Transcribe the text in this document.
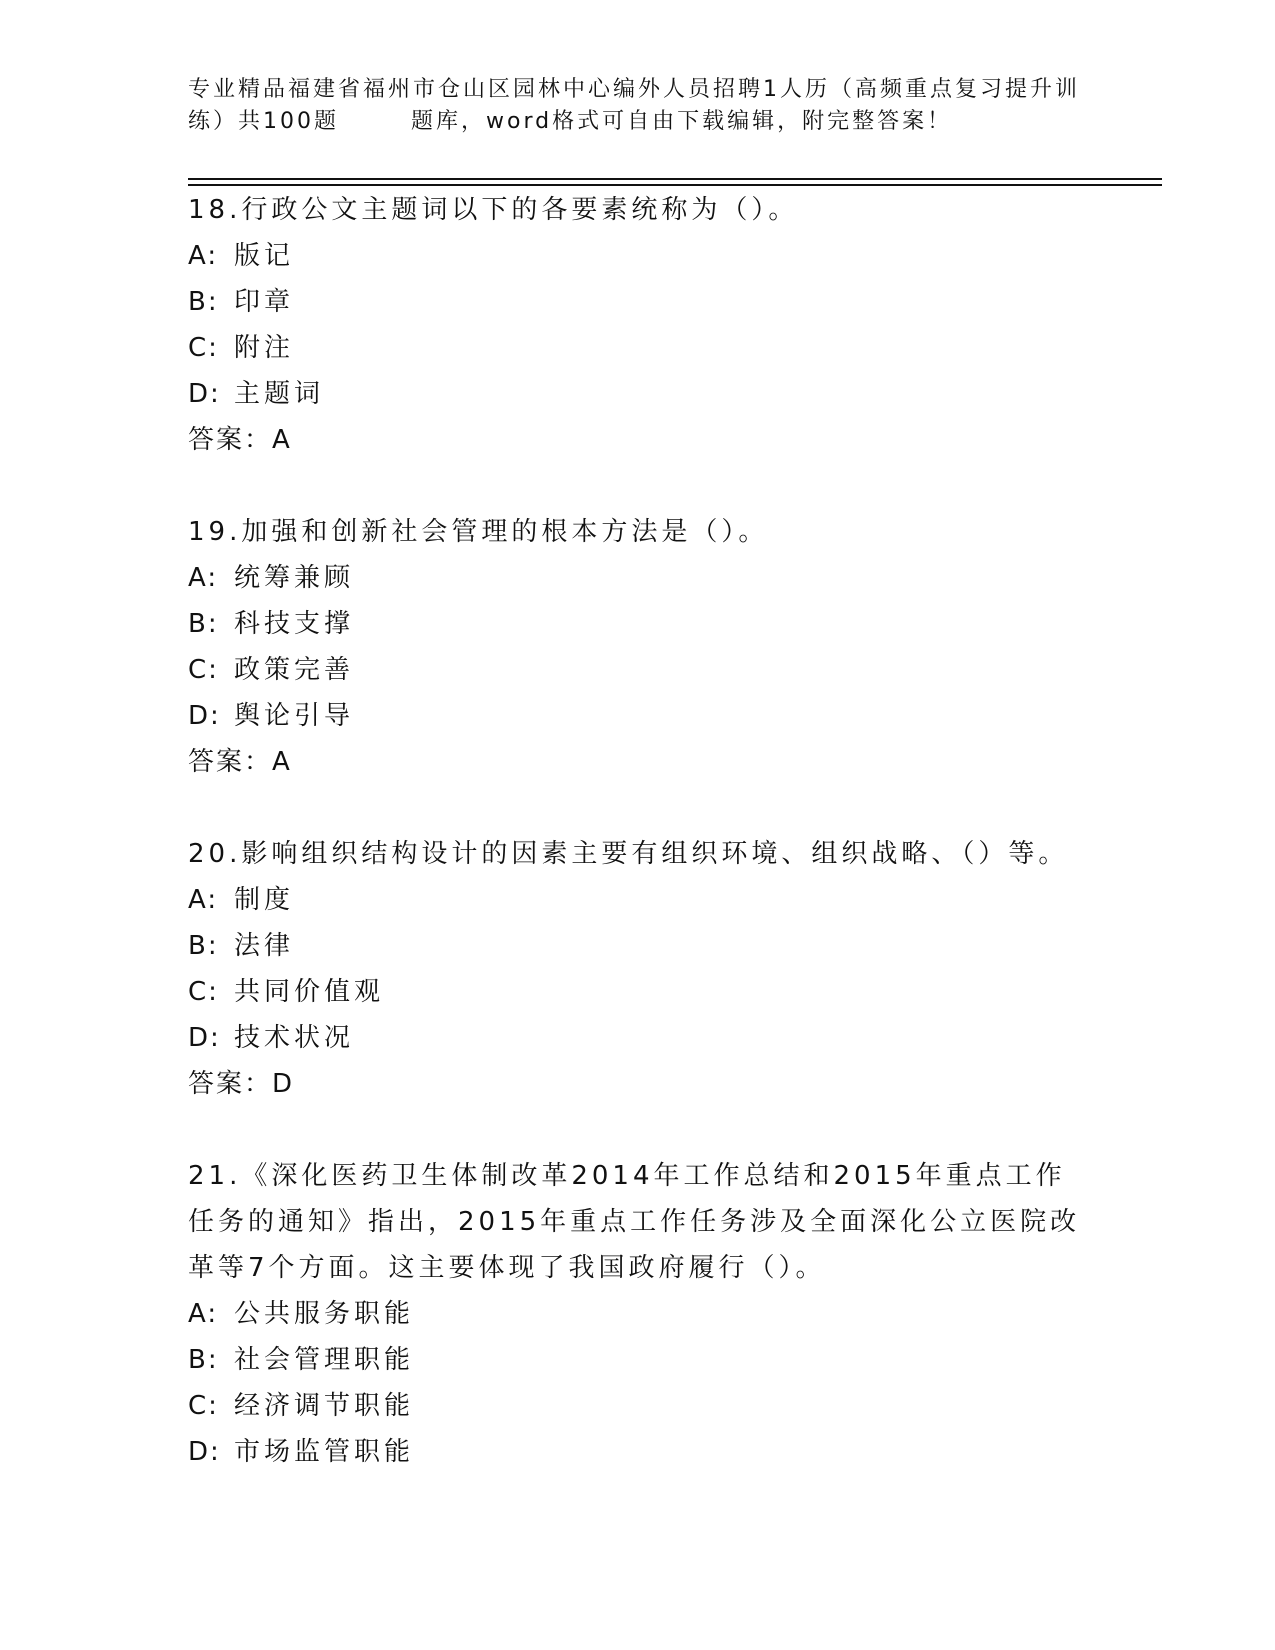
专业精品福建省福州市仓山区园林中心编外人员招聘1人历（高频重点复习提升训
练）共100题	题库，word格式可自由下载编辑，附完整答案！

18.行政公文主题词以下的各要素统称为（）。

A: 版记

B: 印章

C: 附注

D: 主题词

答案：A

19.加强和创新社会管理的根本方法是（）。

A: 统筹兼顾

B: 科技支撑

C: 政策完善

D: 舆论引导

答案：A

20.影响组织结构设计的因素主要有组织环境、组织战略、（）等。

A: 制度

B: 法律

C: 共同价值观

D: 技术状况

答案：D

21.《深化医药卫生体制改革2014年工作总结和2015年重点工作任务的通知》指出，2015年重点工作任务涉及全面深化公立医院改革等7个方面。这主要体现了我国政府履行（）。

A: 公共服务职能

B: 社会管理职能

C: 经济调节职能

D: 市场监管职能
